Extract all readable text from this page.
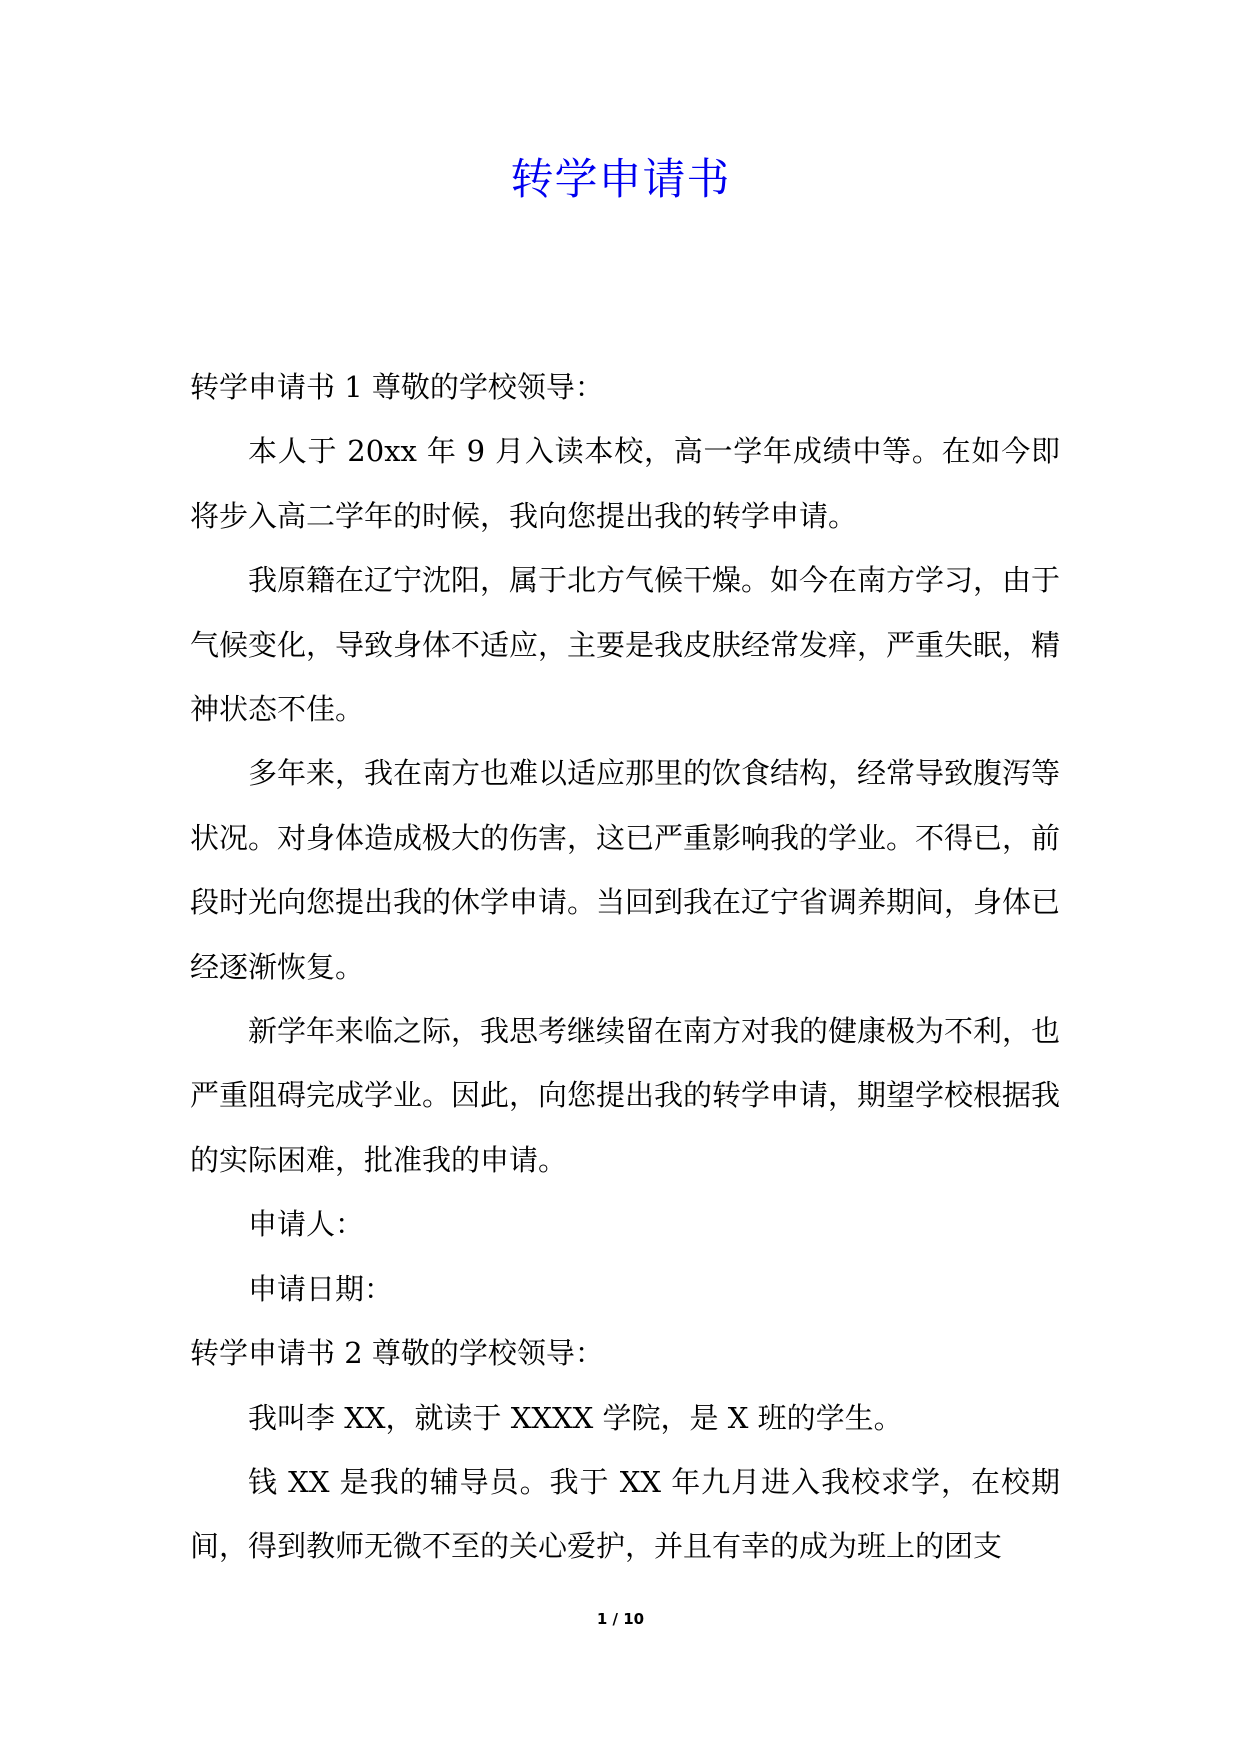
转学申请书

转学申请书 1 尊敬的学校领导：

本人于 20xx 年 9 月入读本校，高一学年成绩中等。在如今即将步入高二学年的时候，我向您提出我的转学申请。

我原籍在辽宁沈阳，属于北方气候干燥。如今在南方学习，由于气候变化，导致身体不适应，主要是我皮肤经常发痒，严重失眠，精神状态不佳。

多年来，我在南方也难以适应那里的饮食结构，经常导致腹泻等状况。对身体造成极大的伤害，这已严重影响我的学业。不得已，前段时光向您提出我的休学申请。当回到我在辽宁省调养期间，身体已经逐渐恢复。

新学年来临之际，我思考继续留在南方对我的健康极为不利，也严重阻碍完成学业。因此，向您提出我的转学申请，期望学校根据我的实际困难，批准我的申请。

申请人：

申请日期：

转学申请书 2 尊敬的学校领导：

我叫李 XX，就读于 XXXX 学院，是 X 班的学生。

钱 XX 是我的辅导员。我于 XX 年九月进入我校求学，在校期间，得到教师无微不至的关心爱护，并且有幸的成为班上的团支

1 / 10
